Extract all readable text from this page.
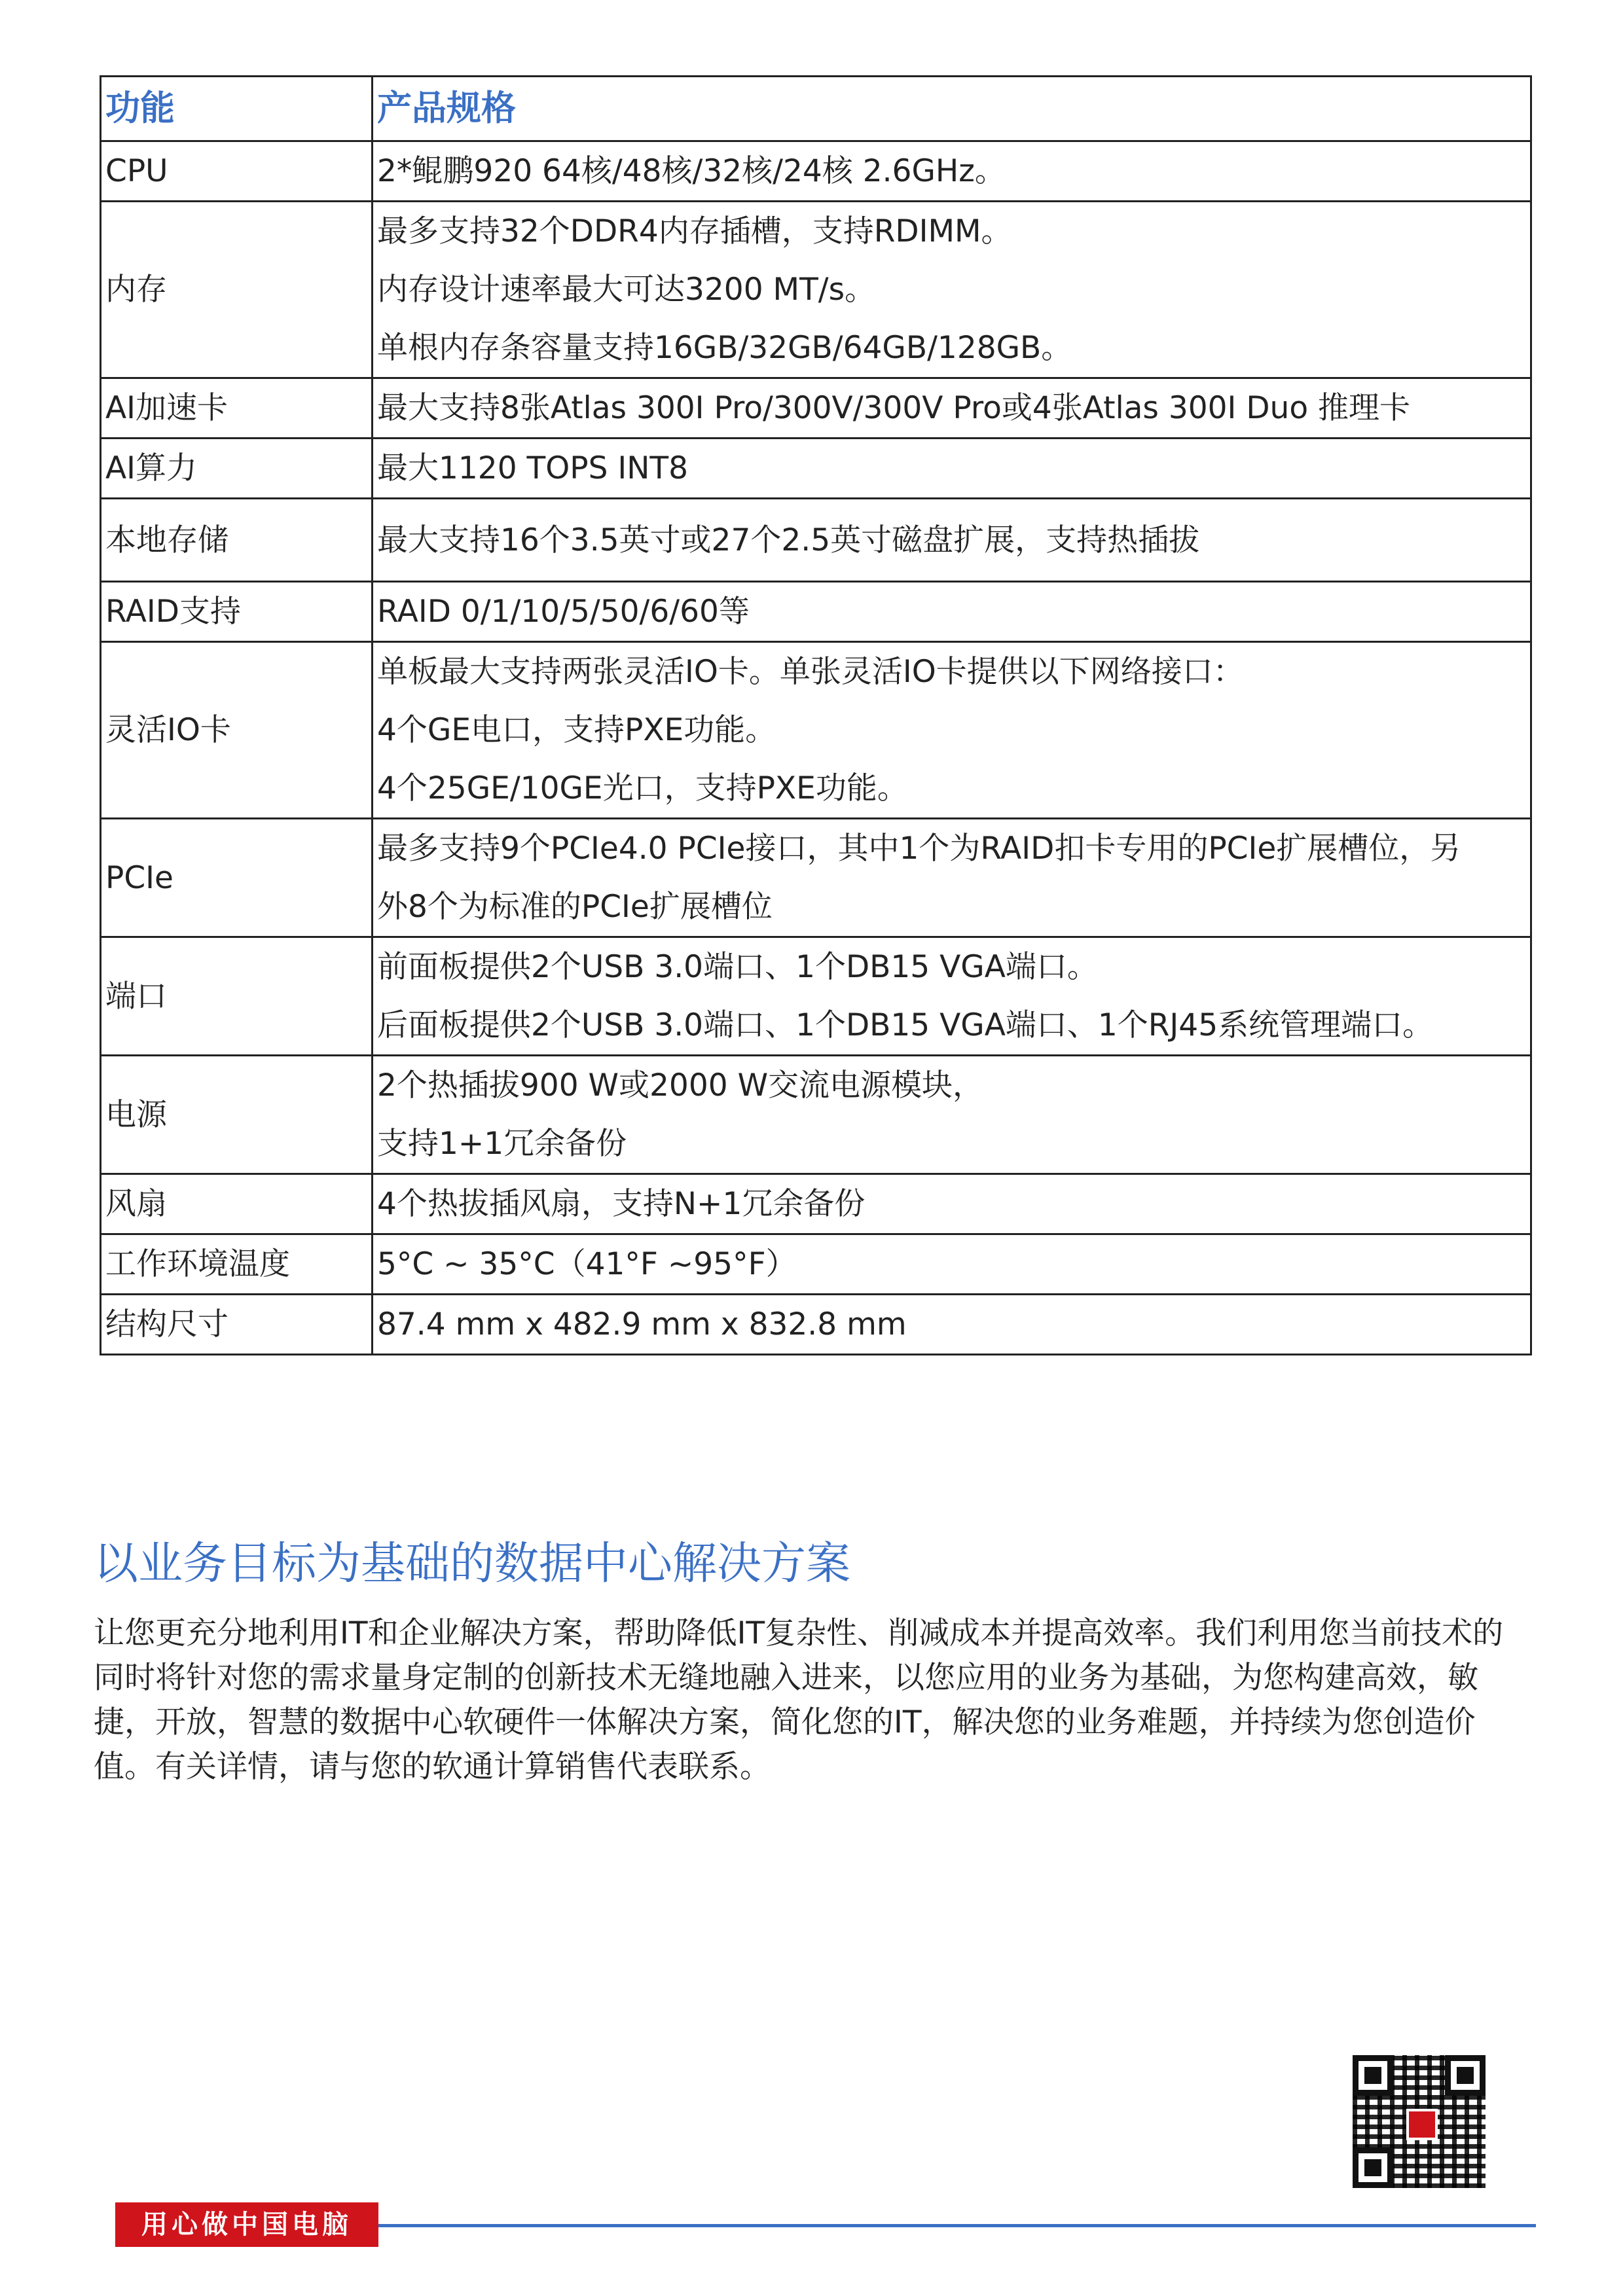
功能	产品规格
CPU	2*鲲鹏920 64核/48核/32核/24核 2.6GHz。

内存	最多支持32个DDR4内存插槽，支持RDIMM。
内存设计速率最大可达3200 MT/s。
单根内存条容量支持16GB/32GB/64GB/128GB。

AI加速卡	最大支持8张Atlas 300I Pro/300V/300V Pro或4张Atlas 300I Duo 推理卡

AI算力	最大1120 TOPS INT8

本地存储	最大支持16个3.5英寸或27个2.5英寸磁盘扩展，支持热插拔

RAID支持	RAID 0/1/10/5/50/6/60等

灵活IO卡	单板最大支持两张灵活IO卡。单张灵活IO卡提供以下网络接口：
4个GE电口，支持PXE功能。
4个25GE/10GE光口，支持PXE功能。

PCIe	最多支持9个PCIe4.0 PCIe接口，其中1个为RAID扣卡专用的PCIe扩展槽位，另
外8个为标准的PCIe扩展槽位

端口	前面板提供2个USB 3.0端口、1个DB15 VGA端口。
后面板提供2个USB 3.0端口、1个DB15 VGA端口、1个RJ45系统管理端口。

电源	2个热插拔900 W或2000 W交流电源模块，
支持1+1冗余备份

风扇	4个热拔插风扇，支持N+1冗余备份

工作环境温度	5°C ~ 35°C（41°F ~95°F）

结构尺寸	87.4 mm x 482.9 mm x 832.8 mm
以业务目标为基础的数据中心解决方案

让您更充分地利用IT和企业解决方案，帮助降低IT复杂性、削减成本并提高效率。我们利用您当前技术的同时将针对您的需求量身定制的创新技术无缝地融入进来，以您应用的业务为基础，为您构建高效，敏捷，开放，智慧的数据中心软硬件一体解决方案，简化您的IT，解决您的业务难题，并持续为您创造价值。有关详情，请与您的软通计算销售代表联系。

用心做中国电脑
